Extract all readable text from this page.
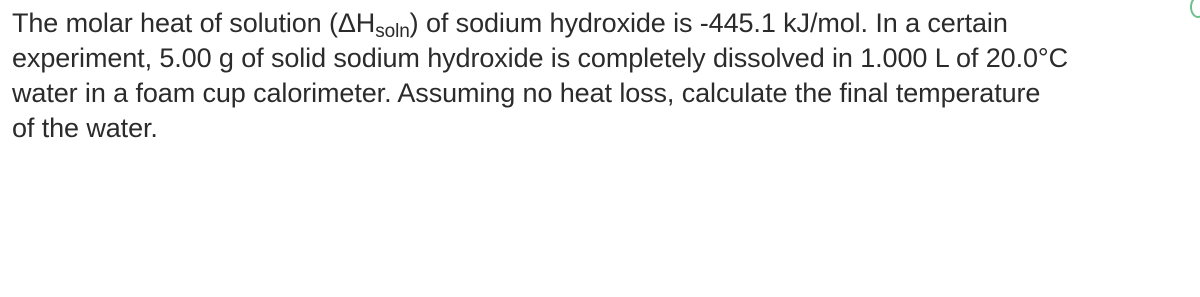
The molar heat of solution $(\Delta H_{soln})$ of sodium hydroxide is -445.1 kJ/mol. In a certain
experiment, 5.00 g of solid sodium hydroxide is completely dissolved in 1.000 L of 20.0°C
water in a foam cup calorimeter. Assuming no heat loss, calculate the final temperature
of the water.
